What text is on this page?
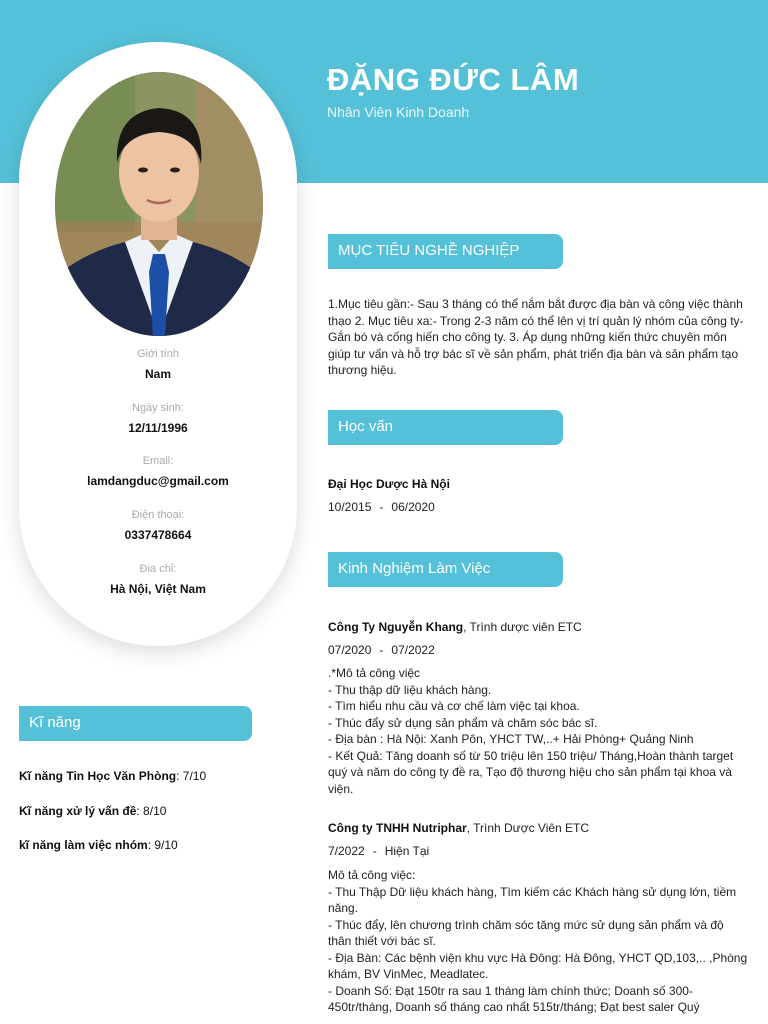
ĐẶNG ĐỨC LÂM
Nhân Viên Kinh Doanh
Giới tính
Nam
Ngày sinh:
12/11/1996
Email:
lamdangduc@gmail.com
Điện thoại:
0337478664
Địa chỉ:
Hà Nội, Việt Nam
Kĩ năng
Kĩ năng Tin Học Văn Phòng: 7/10
Kĩ năng xử lý vấn đề: 8/10
kĩ năng làm việc nhóm: 9/10
MỤC TIÊU NGHỀ NGHIỆP
1.Mục tiêu gần:- Sau 3 tháng có thể nắm bắt được địa bàn và công việc thành thạo 2. Mục tiêu xa:- Trong 2-3 năm có thể lên vị trí quản lý nhóm của công ty- Gắn bó và cống hiến cho công ty. 3. Áp dụng những kiến thức chuyên môn giúp tư vấn và hỗ trợ bác sĩ về sản phẩm, phát triển địa bàn và sản phẩm tạo thương hiệu.
Học vấn
Đại Học Dược Hà Nội
10/2015 - 06/2020
Kinh Nghiệm Làm Việc
Công Ty Nguyễn Khang, Trình dược viên ETC
07/2020 - 07/2022
.*Mô tả công việc
- Thu thập dữ liệu khách hàng.
- Tìm hiểu nhu cầu và cơ chế làm việc tại khoa.
- Thúc đẩy sử dụng sản phẩm và chăm sóc bác sĩ.
- Địa bàn : Hà Nội: Xanh Pôn, YHCT TW,..+ Hải Phòng+ Quảng Ninh
- Kết Quả: Tăng doanh số từ 50 triệu lên 150 triệu/ Tháng,Hoàn thành target quý và năm do công ty đề ra, Tạo độ thương hiệu cho sản phẩm tại khoa và viện.
Công ty TNHH Nutriphar, Trình Dược Viên ETC
7/2022 - Hiện Tại
Mô tả công việc:
- Thu Thập Dữ liệu khách hàng, Tìm kiếm các Khách hàng sử dụng lớn, tiềm năng.
- Thúc đẩy, lên chương trình chăm sóc tăng mức sử dụng sản phẩm và độ thân thiết với bác sĩ.
- Địa Bàn: Các bệnh viện khu vực Hà Đông: Hà Đông, YHCT QD,103,.. ,Phòng khám, BV VinMec, Meadlatec.
- Doanh Số: Đạt 150tr ra sau 1 tháng làm chính thức; Doanh số 300-450tr/tháng, Doanh số tháng cao nhất 515tr/tháng; Đạt best saler Quý
